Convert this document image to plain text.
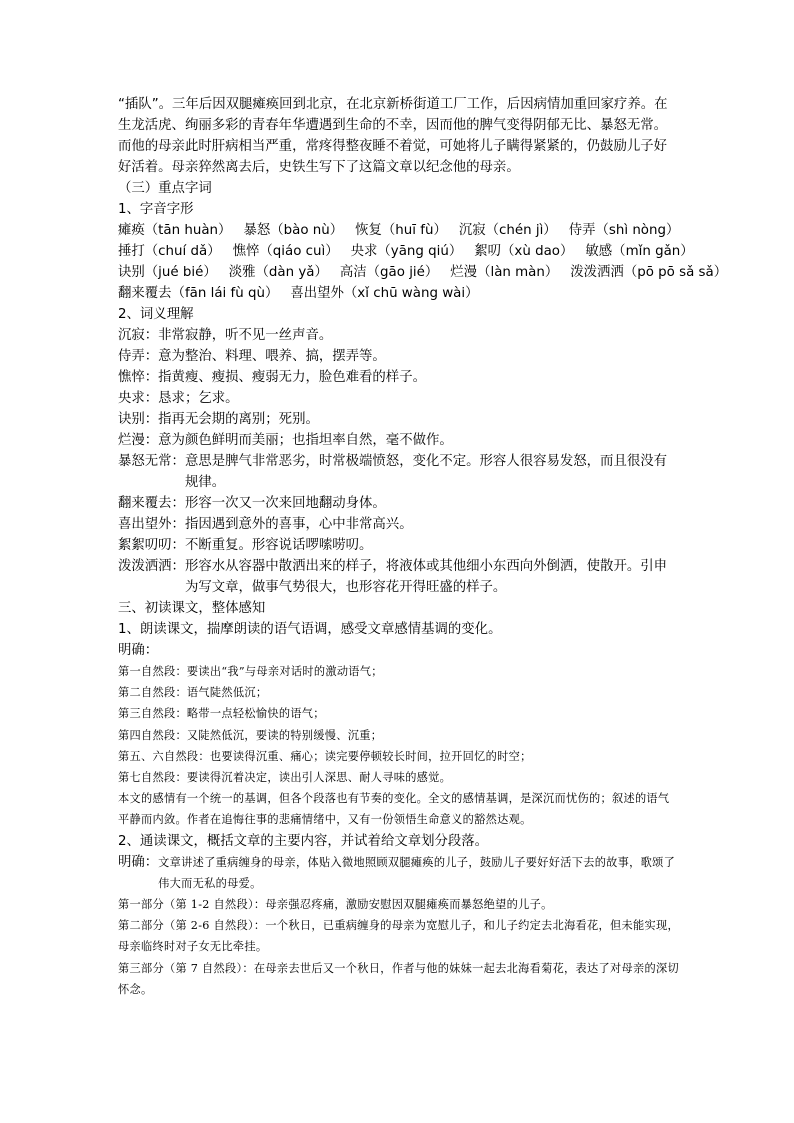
“插队”。三年后因双腿瘫痪回到北京，在北京新桥街道工厂工作，后因病情加重回家疗养。在生龙活虎、绚丽多彩的青春年华遭遇到生命的不幸，因而他的脾气变得阴郁无比、暴怒无常。而他的母亲此时肝病相当严重，常疼得整夜睡不着觉，可她将儿子瞒得紧紧的，仍鼓励儿子好好活着。母亲猝然离去后，史铁生写下了这篇文章以纪念他的母亲。

（三）重点字词

1、字音字形

瘫痪（tān huàn） 暴怒（bào nù） 恢复（huī fù） 沉寂（chén jì） 侍弄（shì nòng）
捶打（chuí dǎ） 憔悴（qiáo cuì） 央求（yāng qiú） 絮叨（xù dao） 敏感（mǐn gǎn）
诀别（jué bié） 淡雅（dàn yǎ） 高洁（gāo jié） 烂漫（làn màn） 泼泼洒洒（pō pō sǎ sǎ）
翻来覆去（fān lái fù qù） 喜出望外（xǐ chū wàng wài）

2、词义理解

沉寂： 非常寂静，听不见一丝声音。
侍弄： 意为整治、料理、喂养、搞，摆弄等。
憔悴： 指黄瘦、瘦损、瘦弱无力，脸色难看的样子。
央求： 恳求；乞求。
诀别： 指再无会期的离别；死别。
烂漫： 意为颜色鲜明而美丽；也指坦率自然，毫不做作。
暴怒无常： 意思是脾气非常恶劣，时常极端愤怒，变化不定。形容人很容易发怒，而且很没有规律。
翻来覆去： 形容一次又一次来回地翻动身体。
喜出望外： 指因遇到意外的喜事，心中非常高兴。
絮絮叨叨： 不断重复。形容说话啰嗦唠叨。
泼泼洒洒： 形容水从容器中散洒出来的样子，将液体或其他细小东西向外倒洒，使散开。引申为写文章，做事气势很大，也形容花开得旺盛的样子。

三、初读课文，整体感知

1、朗读课文，揣摩朗读的语气语调，感受文章感情基调的变化。

明确：

第一自然段：要读出“我”与母亲对话时的激动语气；

第二自然段：语气陡然低沉；

第三自然段：略带一点轻松愉快的语气；

第四自然段：又陡然低沉，要读的特别缓慢、沉重；

第五、六自然段：也要读得沉重、痛心；读完要停顿较长时间，拉开回忆的时空；

第七自然段：要读得沉着决定，读出引人深思、耐人寻味的感觉。

本文的感情有一个统一的基调，但各个段落也有节奏的变化。全文的感情基调，是深沉而忧伤的；叙述的语气平静而内敛。作者在追悔往事的悲痛情绪中，又有一份领悟生命意义的豁然达观。

2、通读课文，概括文章的主要内容，并试着给文章划分段落。

明确： 文章讲述了重病缠身的母亲，体贴入微地照顾双腿瘫痪的儿子，鼓励儿子要好好活下去的故事，歌颂了伟大而无私的母爱。

第一部分（第 1-2 自然段）：母亲强忍疼痛，激励安慰因双腿瘫痪而暴怒绝望的儿子。

第二部分（第 2-6 自然段）：一个秋日，已重病缠身的母亲为宽慰儿子，和儿子约定去北海看花，但未能实现，母亲临终时对子女无比牵挂。

第三部分（第 7 自然段）：在母亲去世后又一个秋日，作者与他的妹妹一起去北海看菊花，表达了对母亲的深切怀念。
